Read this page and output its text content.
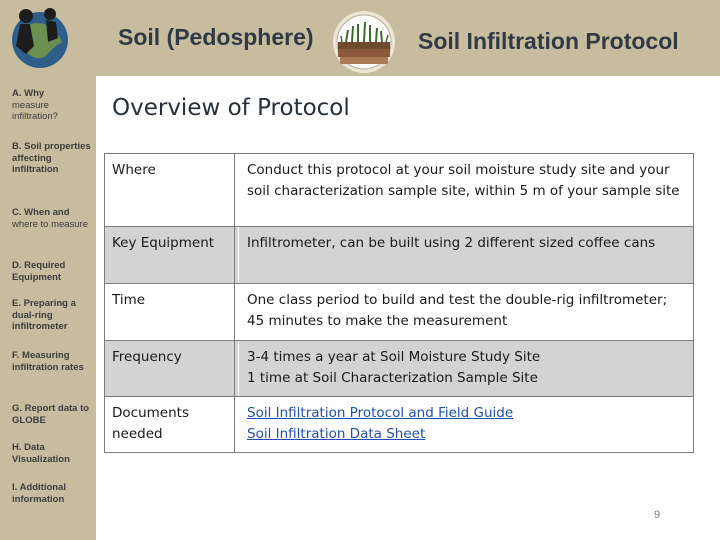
A. Why
measure infiltration?
B. Soil properties affecting infiltration
C. When and
where to measure
D. Required Equipment
E. Preparing a dual-ring infiltrometer
F. Measuring infiltration rates
G. Report data to GLOBE
H. Data Visualization
I. Additional information
Soil (Pedosphere)	Soil Infiltration Protocol
Overview of Protocol
Where	Conduct this protocol at your soil moisture study site and your soil characterization sample site, within 5 m of your sample site
Key Equipment	Infiltrometer, can be built using 2 different sized coffee cans
Time	One class period to build and test the double-rig infiltrometer; 45 minutes to make the measurement
Frequency	3-4 times a year at Soil Moisture Study Site
1 time at Soil Characterization Sample Site

Documents needed	Soil Infiltration Protocol and Field Guide
Soil Infiltration Data Sheet
9
